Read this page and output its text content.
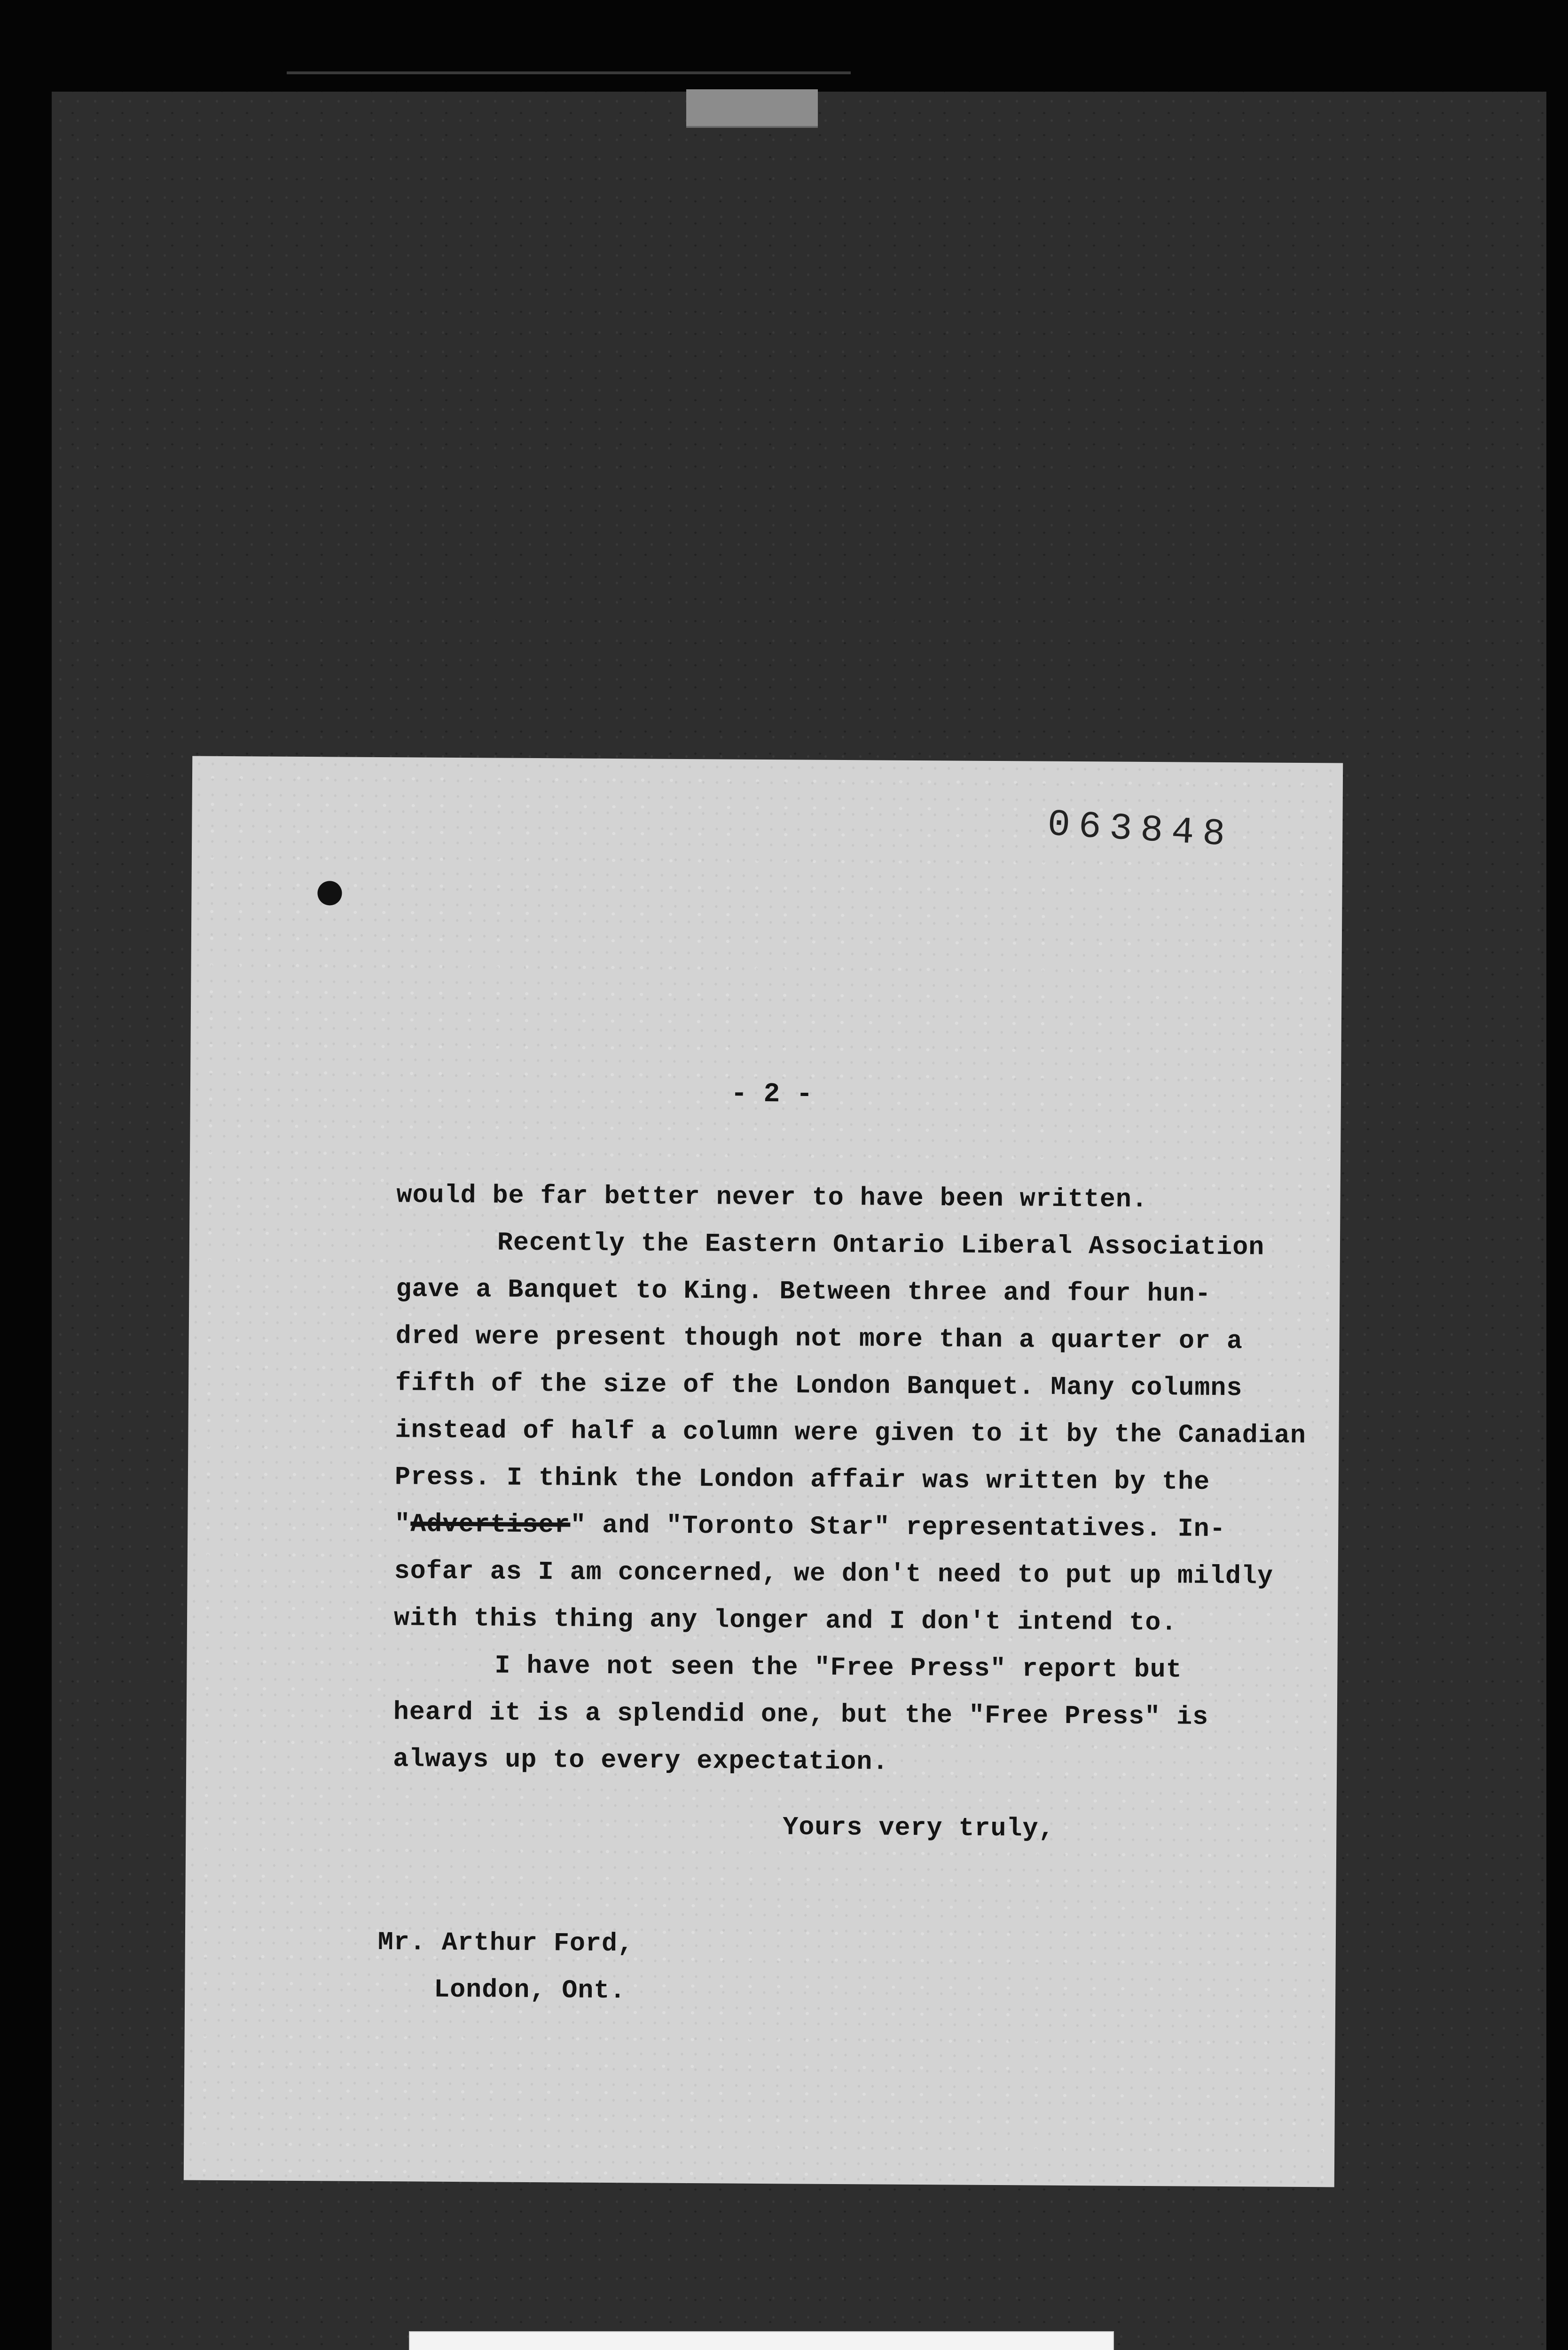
063848
- 2 -
would be far better never to have been written.
Recently the Eastern Ontario Liberal Association
gave a Banquet to King. Between three and four hun-
dred were present though not more than a quarter or a
fifth of the size of the London Banquet. Many columns
instead of half a column were given to it by the Canadian
Press. I think the London affair was written by the
"Advertiser" and "Toronto Star" representatives. In-
sofar as I am concerned, we don't need to put up mildly
with this thing any longer and I don't intend to.
I have not seen the "Free Press" report but
heard it is a splendid one, but the "Free Press" is
always up to every expectation.
Yours very truly,
Mr. Arthur Ford,
London, Ont.
